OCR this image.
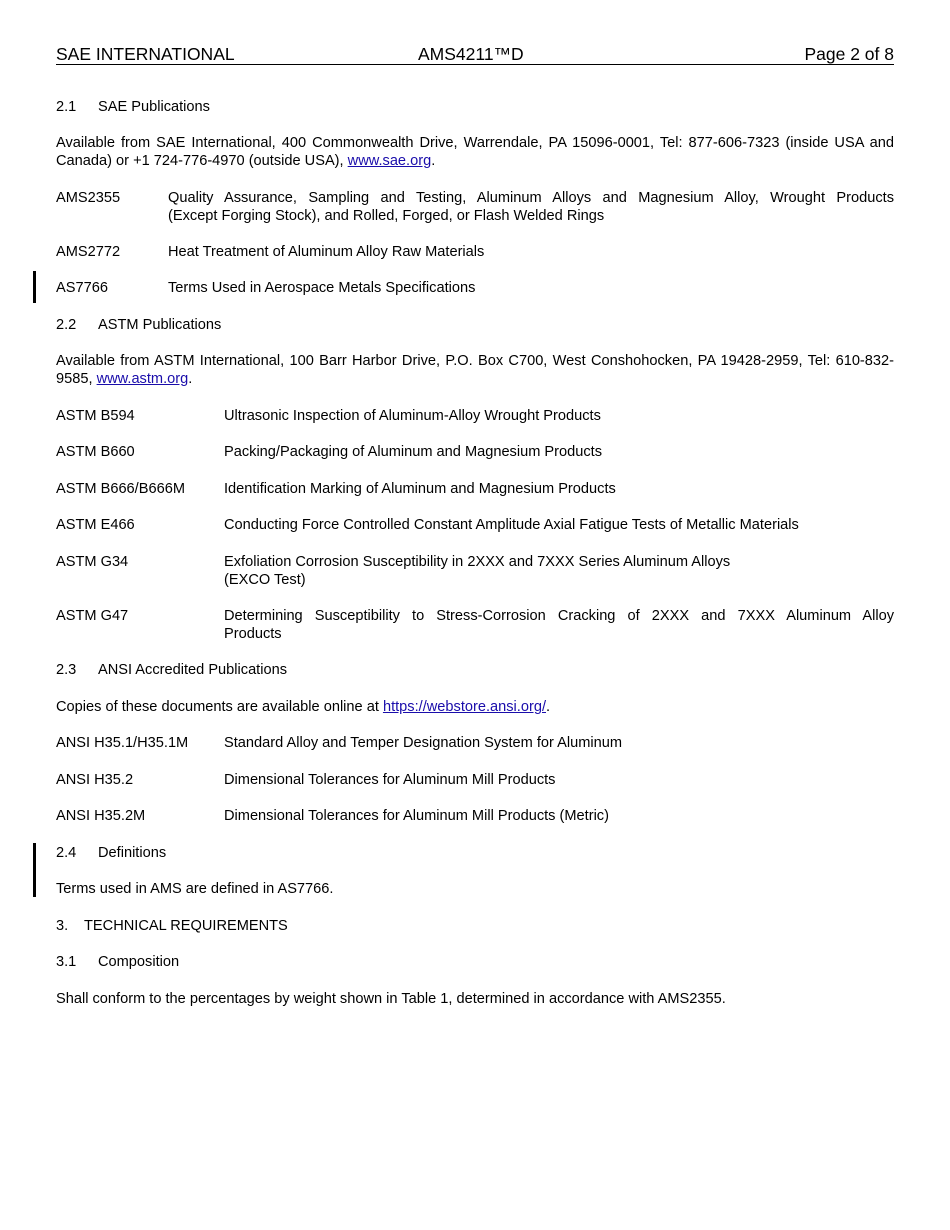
SAE INTERNATIONAL	AMS4211™D	Page 2 of 8
2.1 SAE Publications
Available from SAE International, 400 Commonwealth Drive, Warrendale, PA 15096-0001, Tel: 877-606-7323 (inside USA and Canada) or +1 724-776-4970 (outside USA), www.sae.org.
AMS2355	Quality Assurance, Sampling and Testing, Aluminum Alloys and Magnesium Alloy, Wrought Products
(Except Forging Stock), and Rolled, Forged, or Flash Welded Rings
AMS2772	Heat Treatment of Aluminum Alloy Raw Materials
AS7766	Terms Used in Aerospace Metals Specifications
2.2 ASTM Publications
Available from ASTM International, 100 Barr Harbor Drive, P.O. Box C700, West Conshohocken, PA 19428-2959, Tel: 610-832-9585, www.astm.org.
ASTM B594	Ultrasonic Inspection of Aluminum-Alloy Wrought Products
ASTM B660	Packing/Packaging of Aluminum and Magnesium Products
ASTM B666/B666M	Identification Marking of Aluminum and Magnesium Products
ASTM E466	Conducting Force Controlled Constant Amplitude Axial Fatigue Tests of Metallic Materials
ASTM G34	Exfoliation Corrosion Susceptibility in 2XXX and 7XXX Series Aluminum Alloys
(EXCO Test)
ASTM G47	Determining Susceptibility to Stress-Corrosion Cracking of 2XXX and 7XXX Aluminum Alloy
Products
2.3 ANSI Accredited Publications
Copies of these documents are available online at https://webstore.ansi.org/.
ANSI H35.1/H35.1M	Standard Alloy and Temper Designation System for Aluminum
ANSI H35.2	Dimensional Tolerances for Aluminum Mill Products
ANSI H35.2M	Dimensional Tolerances for Aluminum Mill Products (Metric)
2.4 Definitions
Terms used in AMS are defined in AS7766.
3. TECHNICAL REQUIREMENTS
3.1 Composition
Shall conform to the percentages by weight shown in Table 1, determined in accordance with AMS2355.
